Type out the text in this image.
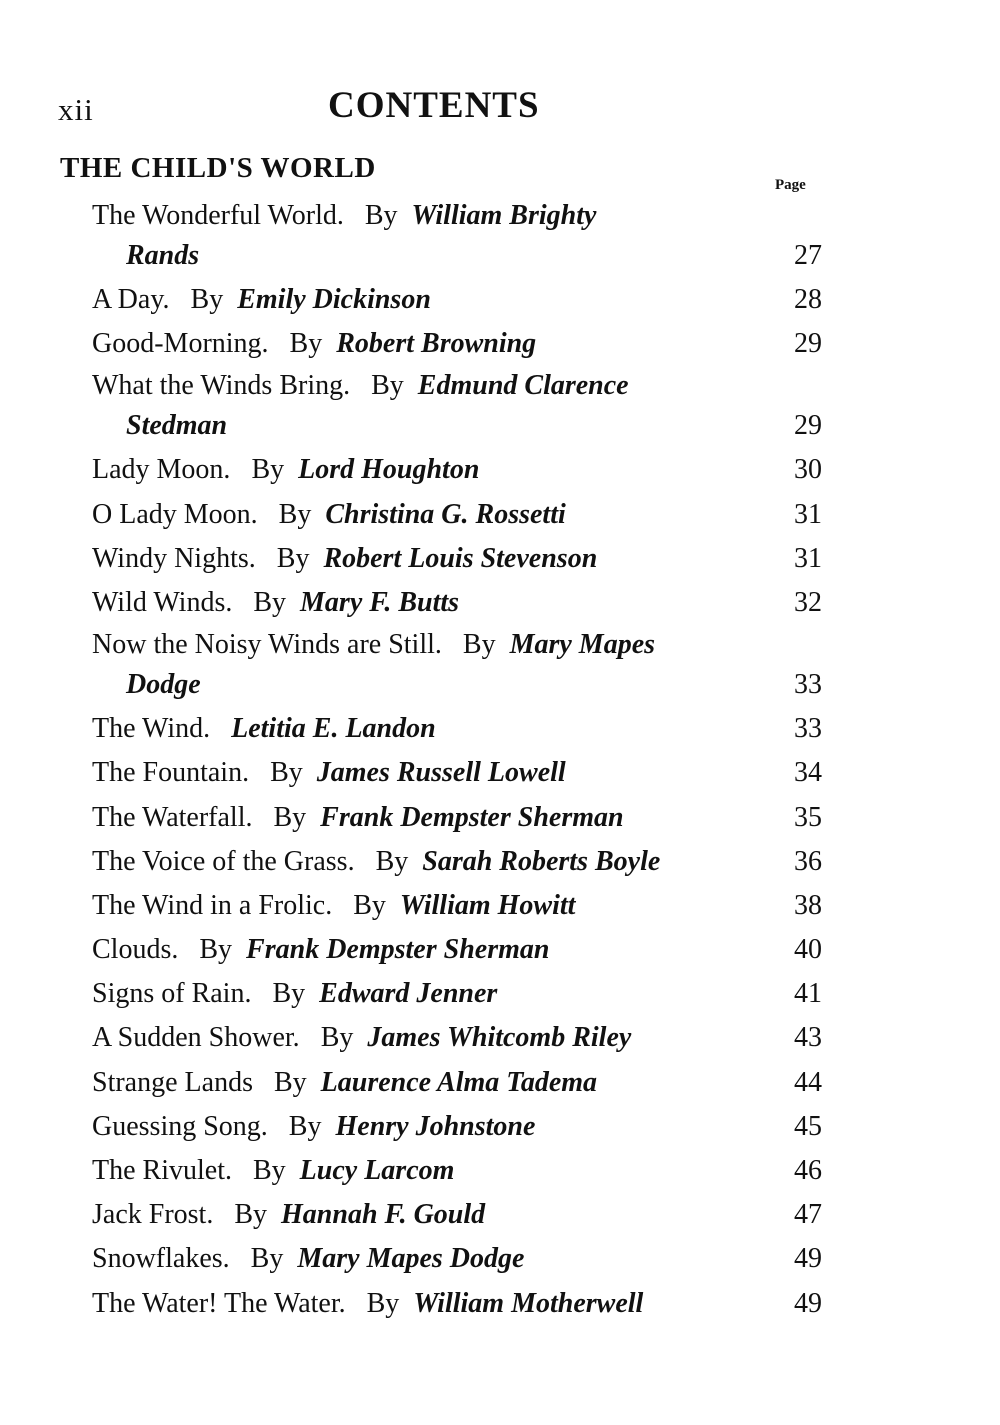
xii	CONTENTS
THE CHILD'S WORLD
Page
The Wonderful World. By William Brighty
Rands	27
A Day. By Emily Dickinson	28
Good-Morning. By Robert Browning	29
What the Winds Bring. By Edmund Clarence
Stedman	29
Lady Moon. By Lord Houghton	30
O Lady Moon. By Christina G. Rossetti	31
Windy Nights. By Robert Louis Stevenson	31
Wild Winds. By Mary F. Butts	32
Now the Noisy Winds are Still. By Mary Mapes
Dodge	33
The Wind. Letitia E. Landon	33
The Fountain. By James Russell Lowell	34
The Waterfall. By Frank Dempster Sherman	35
The Voice of the Grass. By Sarah Roberts Boyle	36
The Wind in a Frolic. By William Howitt	38
Clouds. By Frank Dempster Sherman	40
Signs of Rain. By Edward Jenner	41
A Sudden Shower. By James Whitcomb Riley	43
Strange Lands By Laurence Alma Tadema	44
Guessing Song. By Henry Johnstone	45
The Rivulet. By Lucy Larcom	46
Jack Frost. By Hannah F. Gould	47
Snowflakes. By Mary Mapes Dodge	49
The Water! The Water. By William Motherwell	49
